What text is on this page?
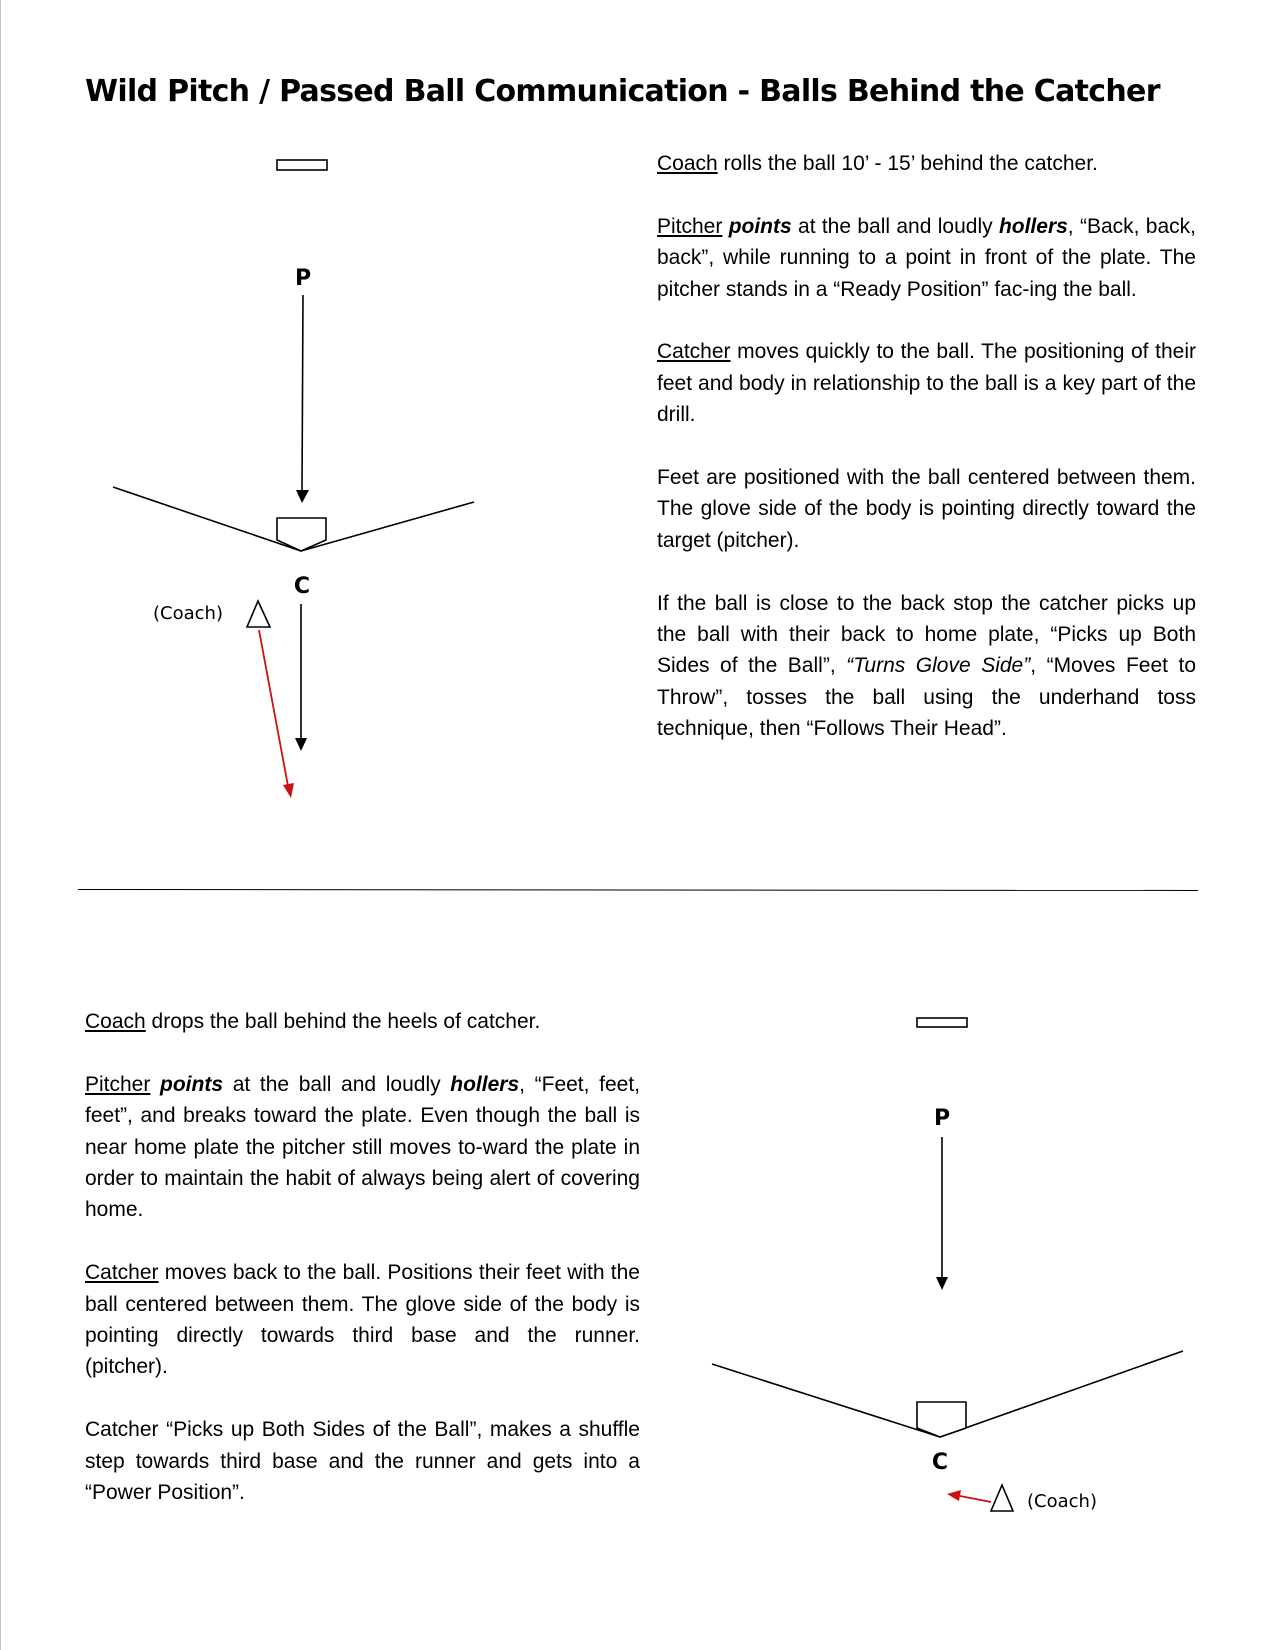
Wild Pitch / Passed Ball Communication - Balls Behind the Catcher
P
C
(Coach)

Coach rolls the ball 10’ - 15’ behind the catcher.

Pitcher points at the ball and loudly hollers, “Back, back, back”, while running to a point in front of the plate. The pitcher stands in a “Ready Position” fac-ing the ball.

Catcher moves quickly to the ball. The positioning of their feet and body in relationship to the ball is a key part of the drill.

Feet are positioned with the ball centered between them. The glove side of the body is pointing directly toward the target (pitcher).

If the ball is close to the back stop the catcher picks up the ball with their back to home plate, “Picks up Both Sides of the Ball”, “Turns Glove Side”, “Moves Feet to Throw”, tosses the ball using the underhand toss technique, then “Follows Their Head”.

Coach drops the ball behind the heels of catcher.

Pitcher points at the ball and loudly hollers, “Feet, feet, feet”, and breaks toward the plate. Even though the ball is near home plate the pitcher still moves to-ward the plate in order to maintain the habit of always being alert of covering home.

Catcher moves back to the ball. Positions their feet with the ball centered between them. The glove side of the body is pointing directly towards third base and the runner. (pitcher).

Catcher “Picks up Both Sides of the Ball”, makes a shuffle step towards third base and the runner and gets into a “Power Position”.

P
C
(Coach)
